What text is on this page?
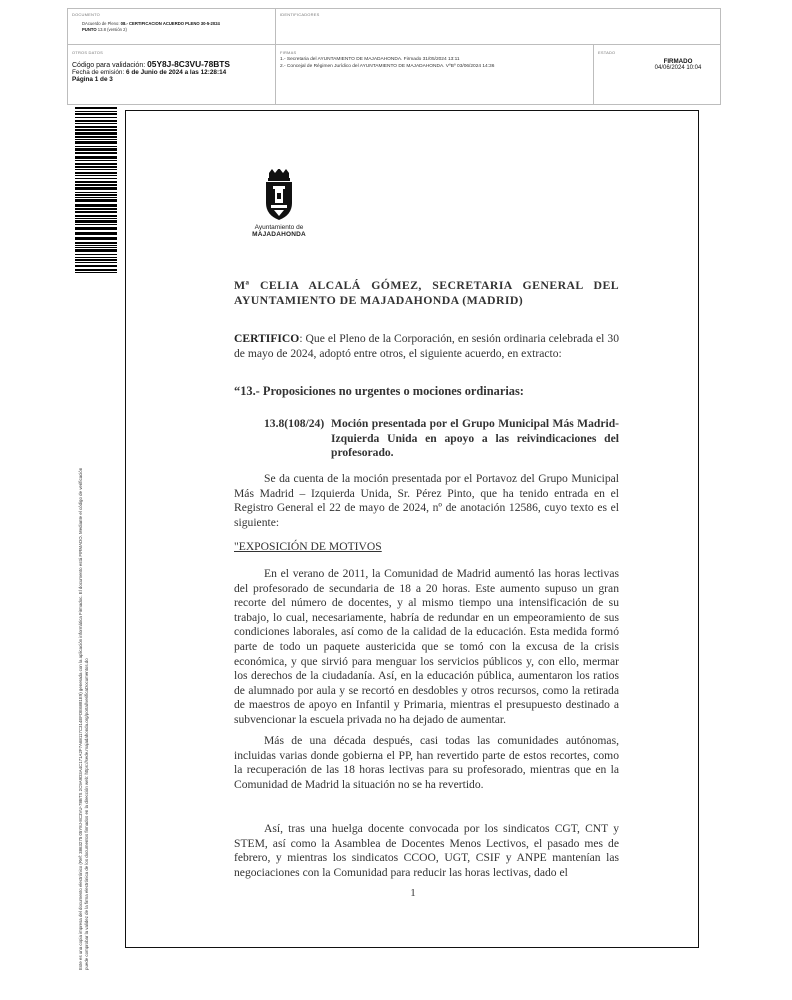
DOCUMENTO
DAcuerdo de Pleno: 08.- CERTIFICACION ACUERDO PLENO 30-5-2024
PUNTO 13.8 (versión 2)
IDENTIFICADORES
OTROS DATOS
Código para validación: 05Y8J-8C3VU-78BTS
Fecha de emisión: 6 de Junio de 2024 a las 12:28:14
Página 1 de 3
FIRMAS
1.- Secretaria del AYUNTAMIENTO DE MAJADAHONDA. Firmado 31/05/2024 13:11
2.- Concejal de Régimen Jurídico del AYUNTAMIENTO DE MAJADAHONDA. VºBº 03/06/2024 14:36
ESTADO
FIRMADO
04/06/2024 10:04
Este es una copia impresa del documento electrónico (Ref: 3863275 05Y8J-8C3VU-78BTS 2C9A9D3A4C171A2F7A68117C314EFDE6881E9) generada con la aplicación informática Firmadoc. El documento está FIRMADO. Mediante el código de verificación puede comprobar la validez de la firma electrónica de los documentos firmados en la dirección web: https://sede.majadahonda.org/portal/verificaDocumentos.do
Ayuntamiento de
MAJADAHONDA
Mª CELIA ALCALÁ GÓMEZ, SECRETARIA GENERAL DEL AYUNTAMIENTO DE MAJADAHONDA (MADRID)
CERTIFICO: Que el Pleno de la Corporación, en sesión ordinaria celebrada el 30 de mayo de 2024, adoptó entre otros, el siguiente acuerdo, en extracto:
“13.- Proposiciones no urgentes o mociones ordinarias:
13.8(108/24) Moción presentada por el Grupo Municipal Más Madrid-Izquierda Unida en apoyo a las reivindicaciones del profesorado.
Se da cuenta de la moción presentada por el Portavoz del Grupo Municipal Más Madrid – Izquierda Unida, Sr. Pérez Pinto, que ha tenido entrada en el Registro General el 22 de mayo de 2024, nº de anotación 12586, cuyo texto es el siguiente:
"EXPOSICIÓN DE MOTIVOS
En el verano de 2011, la Comunidad de Madrid aumentó las horas lectivas del profesorado de secundaria de 18 a 20 horas. Este aumento supuso un gran recorte del número de docentes, y al mismo tiempo una intensificación de su trabajo, lo cual, necesariamente, habría de redundar en un empeoramiento de sus condiciones laborales, así como de la calidad de la educación. Esta medida formó parte de todo un paquete austericida que se tomó con la excusa de la crisis económica, y que sirvió para menguar los servicios públicos y, con ello, mermar los derechos de la ciudadanía. Así, en la educación pública, aumentaron los ratios de alumnado por aula y se recortó en desdobles y otros recursos, como la retirada de maestros de apoyo en Infantil y Primaria, mientras el presupuesto destinado a subvencionar la escuela privada no ha dejado de aumentar.
Más de una década después, casi todas las comunidades autónomas, incluidas varias donde gobierna el PP, han revertido parte de estos recortes, como la recuperación de las 18 horas lectivas para su profesorado, mientras que en la Comunidad de Madrid la situación no se ha revertido.
Así, tras una huelga docente convocada por los sindicatos CGT, CNT y STEM, así como la Asamblea de Docentes Menos Lectivos, el pasado mes de febrero, y mientras los sindicatos CCOO, UGT, CSIF y ANPE mantenían las negociaciones con la Comunidad para reducir las horas lectivas, dado el
1
